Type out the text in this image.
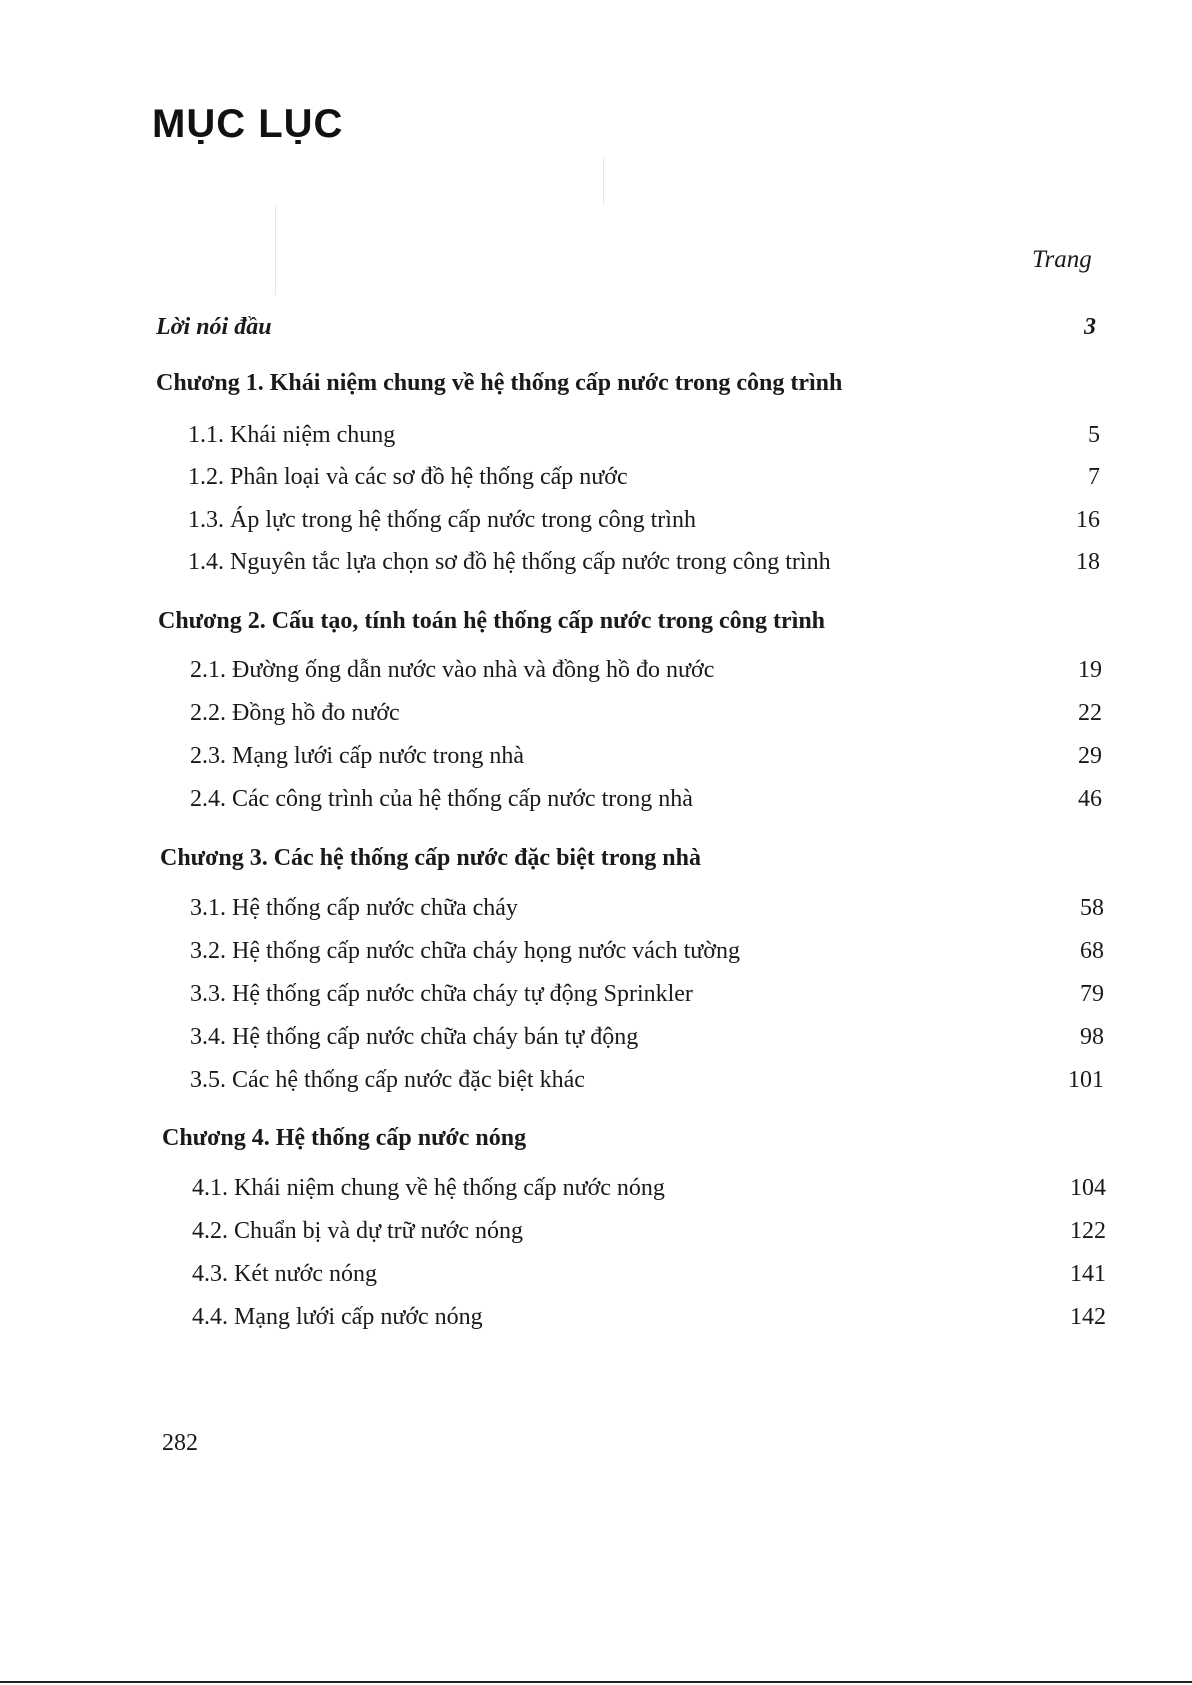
MỤC LỤC
Trang
Lời nói đầu	3
Chương 1. Khái niệm chung về hệ thống cấp nước trong công trình
1.1. Khái niệm chung	5
1.2. Phân loại và các sơ đồ hệ thống cấp nước	7
1.3. Áp lực trong hệ thống cấp nước trong công trình	16
1.4. Nguyên tắc lựa chọn sơ đồ hệ thống cấp nước trong công trình	18
Chương 2. Cấu tạo, tính toán hệ thống cấp nước trong công trình
2.1. Đường ống dẫn nước vào nhà và đồng hồ đo nước	19
2.2. Đồng hồ đo nước	22
2.3. Mạng lưới cấp nước trong nhà	29
2.4. Các công trình của hệ thống cấp nước trong nhà	46
Chương 3. Các hệ thống cấp nước đặc biệt trong nhà
3.1. Hệ thống cấp nước chữa cháy	58
3.2. Hệ thống cấp nước chữa cháy họng nước vách tường	68
3.3. Hệ thống cấp nước chữa cháy tự động Sprinkler	79
3.4. Hệ thống cấp nước chữa cháy bán tự động	98
3.5. Các hệ thống cấp nước đặc biệt khác	101
Chương 4. Hệ thống cấp nước nóng
4.1. Khái niệm chung về hệ thống cấp nước nóng	104
4.2. Chuẩn bị và dự trữ nước nóng	122
4.3. Két nước nóng	141
4.4. Mạng lưới cấp nước nóng	142
282
